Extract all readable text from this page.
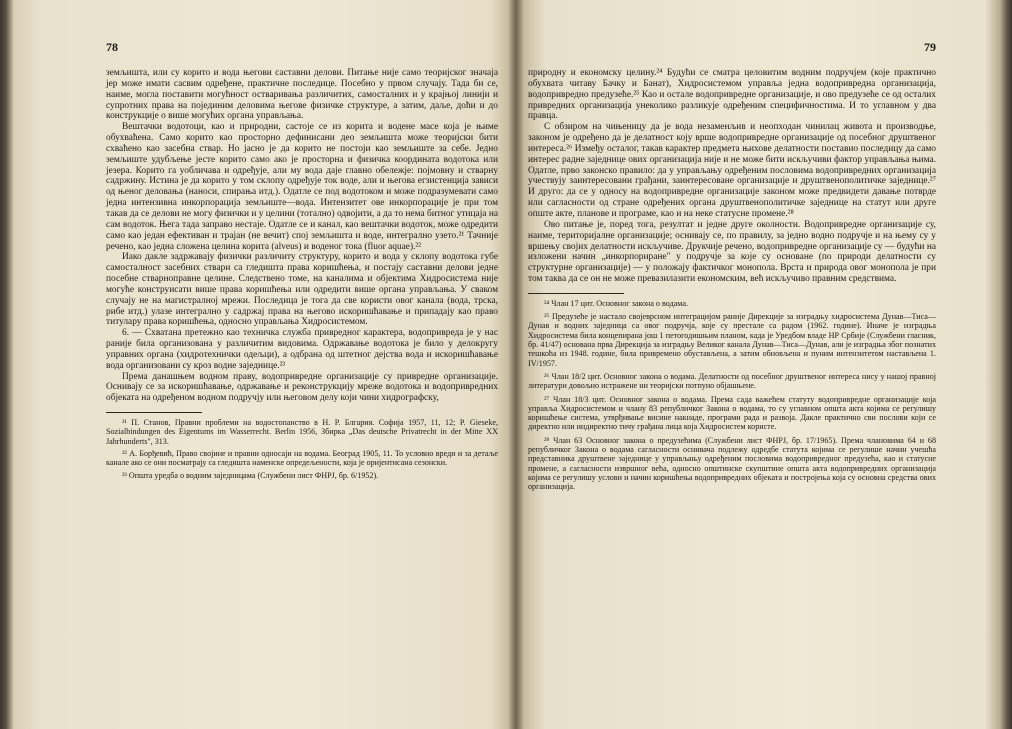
78

земљишта, или су корито и вода његови саставни делови. Питање није само теоријског значаја јер може имати сасвим одређене, практичне последице. Посебно у првом случају. Тада би се, наиме, могла поставити могућност остваривања различитих, самосталних и у крајњој линији и супротних права на појединим деловима његове физичке структуре, а затим, даље, доћи и до конструкције о више могућих органа управљања.

Вештачки водотоци, као и природни, састоје се из корита и водене масе која је њиме обухваћена. Само корито као просторно дефинисани део земљишта може теоријски бити схваћено као засебна ствар. Но јасно је да корито не постоји као земљиште за себе. Једно земљиште удубљење јесте корито само ако је просторна и физичка координата водотока или језера. Корито га уобличава и одређује, али му вода даје главно обележје: појмовну и стварну садржину. Истина је да корито у том склопу одређује ток воде, али и његова егзистенција зависи од њеног деловања (наноси, спирања итд.). Одатле се под водотоком и може подразумевати само једна интензивна инкорпорација земљиште—вода. Интензитет ове инкорпорације је при том такав да се делови не могу физички и у целини (тотално) одвојити, а да то нема битног утицаја на сам водоток. Њега тада заправо нестаје. Одатле се и канал, као вештачки водоток, може одредити само као један ефективан и трајан (не вечит) спој земљишта и воде, интегрално узето.²¹ Тачније речено, као једна сложена целина корита (alveus) и воденог тока (fluor aquae).²²

Иако дакле задржавају физички различиту структуру, корито и вода у склопу водотока губе самосталност засебних ствари са гледишта права коришћења, и постају саставни делови једне посебне стварноправне целине. Следствено томе, на каналима и објектима Хидросистема није могуће конструисати више права коришћења или одредити више органа управљања. У сваком случају не на магистралној мрежи. Последица је тога да све користи овог канала (вода, трска, рибе итд.) улазе интегрално у садржај права на његово искоришћавање и припадају као право титулару права коришћења, односно управљања Хидросистемом.

6. — Схватана претежно као техничка служба привредног карактера, водопривреда је у нас раније била организована у различитим видовима. Одржавање водотока је било у делокругу управних органа (хидротехнички одељци), а одбрана од штетног дејства вода и искоришћавање вода организовани су кроз водне заједнице.²³

Према данашњем водном праву, водопривредне организације су привредне организације. Оснивају се за искоришћавање, одржавање и реконструкцију мреже водотока и водопривредних објеката на одређеном водном подручју или његовом делу који чини хидрографску,

²¹ П. Станов, Правни проблеми на водостопанство в Н. Р. Блгария. Софија 1957, 11, 12; P. Gieseke, Sozialbindungen des Eigentums im Wasserrecht. Berlin 1956, Збирка „Das deutsche Privatrecht in der Mitte XX Jahrhunderts", 313.

²² А. Борђевић, Право својине и правни односаји на водама. Београд 1905, 11. То условно вреди и за детаље канале ако се они посматрају са гледишта наменске опредељености, која је оријентисана сезонски.

²³ Општа уредба о водним заједницама (Службени лист ФНРЈ, бр. 6/1952).

79

природну и економску целину.²⁴ Будући се сматра целовитим водним подручјем (које практично обухвата читаву Бачку и Банат), Хидросистемом управља једна водопривредна организација, водопривредно предузеће.²⁵ Као и остале водопривредне организације, и ово предузеће се од осталих привредних организација унеколико разликује одређеним специфичностима. И то углавном у два правца.

С обзиром на чињеницу да је вода незаменљив и неопходан чинилац живота и производње, законом је одређено да је делатност коју врше водопривредне организације од посебног друштвеног интереса.²⁶ Између осталог, такав карактер предмета њихове делатности поставио последицу да само интерес радне заједнице ових организација није и не може бити искључиви фактор управљања њима. Одатле, прво законско правило: да у управљању одређеним пословима водопривредних организација учествују заинтересовани грађани, заинтересоване организације и друштвенополитичке заједнице.²⁷ И друго: да се у односу на водопривредне организације законом може предвидети давање потврде или сагласности од стране одређених органа друштвенополитичке заједнице на статут или друге опште акте, планове и програме, као и на неке статусне промене.²⁸

Ово питање је, поред тога, резултат и једне друге околности. Водопривредне организације су, наиме, територијалне организације; оснивају се, по правилу, за једно водно подручје и на њему су у вршењу својих делатности искључиве. Друкчије речено, водопривредне организације су — будући на изложени начин „инкорпориране" у подручје за које су основане (по природи делатности су структурне организације) — у положају фактичког монопола. Врста и природа овог монопола је при том таква да се он не може превазилазити економским, већ искључиво правним средствима.

²⁴ Члан 17 цит. Основног закона о водама.

²⁵ Предузеће је настало својеврсном интеграцијом раније Дирекције за изградњу хидросистема Дунав—Тиса—Дунав и водних заједница са овог подручја, које су престале са радом (1962. године). Иначе је изградња Хидросистема била концепирана још 1 петогодишњим планом, када је Уредбом владе НР Србије (Службени гласник, бр. 41/47) основана прва Дирекција за изградњу Великог канала Дунав—Тиса—Дунав, али је изградња због познатих тешкоћа из 1948. године, била привремено обустављена, а затим обновљена и пуним интензитетом настављена 1. IV/1957.

²⁶ Члан 18/2 цит. Основног закона о водама. Делатности од посебног друштвеног интереса нису у нашој правној литератури довољно истражене ни теоријски потпуно објашњене.

²⁷ Члан 18/3 цит. Основног закона о водама. Према сада важећем статуту водопривредне организације која управља Хидросистемом и члану 83 републичког Закона о водама, то су углавном општа акта којима се регулишу коришћење система, утврђивање висине накнаде, програми рада и развоја. Дакле практично сви послови који се директно или индиректно тичу грађана лица која Хидросистем користе.

²⁸ Члан 63 Основног закона о предузећима (Службени лист ФНРЈ, бр. 17/1965). Према члановима 64 и 68 републичког Закона о водама сагласности оснивача подлежу одредбе статута којима се регулише начин учешћа представника друштвене заједнице у управљању одређеним пословима водопривредног предузећа, као и статусне промене, а сагласности извршног већа, односно општинске скупштине општа акта водопривредних организација којима се регулишу услови и начин коришћења водопривредних објеката и постројења која су основна средства ових организација.
